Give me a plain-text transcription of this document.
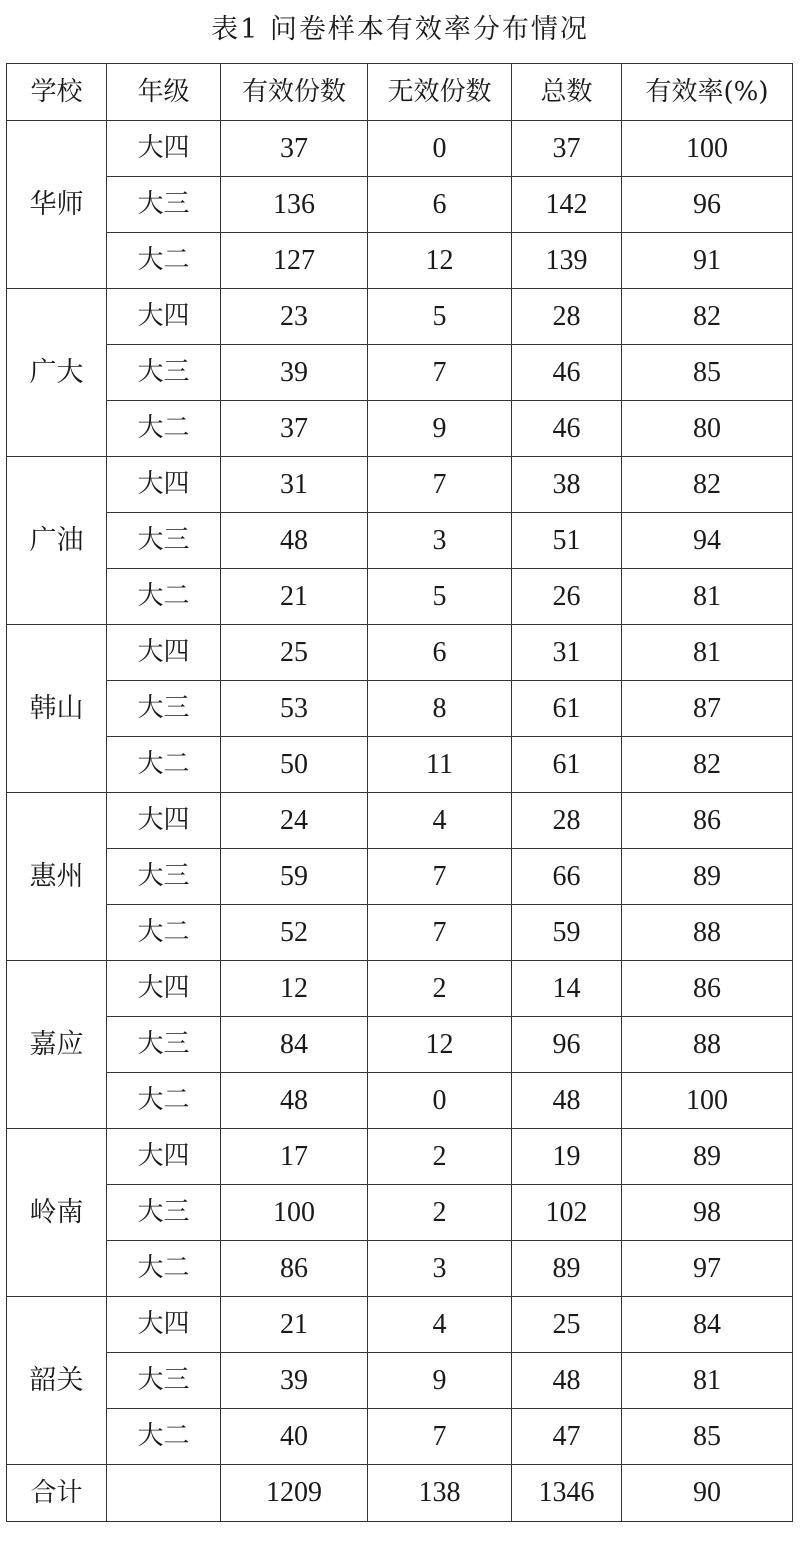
表1 问卷样本有效率分布情况
学校	年级	有效份数	无效份数	总数	有效率(%)
华师	大四	37	0	37	100
	大三	136	6	142	96
	大二	127	12	139	91
广大	大四	23	5	28	82
	大三	39	7	46	85
	大二	37	9	46	80
广油	大四	31	7	38	82
	大三	48	3	51	94
	大二	21	5	26	81
韩山	大四	25	6	31	81
	大三	53	8	61	87
	大二	50	11	61	82
惠州	大四	24	4	28	86
	大三	59	7	66	89
	大二	52	7	59	88
嘉应	大四	12	2	14	86
	大三	84	12	96	88
	大二	48	0	48	100
岭南	大四	17	2	19	89
	大三	100	2	102	98
	大二	86	3	89	97
韶关	大四	21	4	25	84
	大三	39	9	48	81
	大二	40	7	47	85
合计		1209	138	1346	90
